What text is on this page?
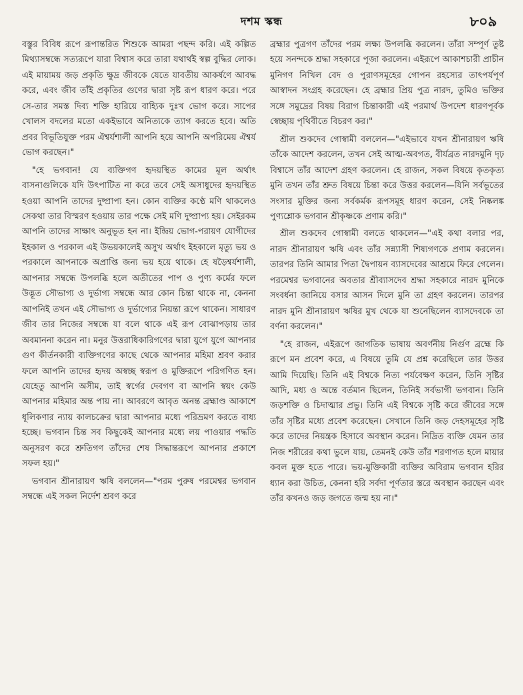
দশম স্কন্ধ	৮০৯

বস্তুর বিবিধ রূপে রূপান্তরিত শিশুকে আমরা পছন্দ করি। এই কল্পিত মিথ্যাসম্বন্ধে সত্যরূপে যারা বিশ্বাস করে তারা যথার্থই স্বল্প বুদ্ধির লোক। এই মায়াময় জড় প্রকৃতি ক্ষুদ্র জীবকে যেতে যাবতীয় আকর্ষণে আবদ্ধ করে, এবং জীব তাঁই প্রকৃতির গুণের দ্বারা সৃষ্ট রূপ ধারণ করে। পরে সে-তার সমস্ত দিব্য শক্তি হারিয়ে বাহ্যিক দুঃখ ভোগ করে। সাপের খোলস বদলের মতো একইভাবে অনিত্যকে ত্যাগ করতে হবে। অতি প্রবর বিভূতিযুক্ত পরম ঐশ্বর্যশালী আপনি হয়ে আপনি অপরিমেয় ঐশ্বর্য ভোগ করছেন।"

"হে ভগবান! যে ব্যক্তিগণ হৃদয়স্থিত কামের মূল অর্থাৎ বাসনাগুলিকে যদি উৎপাটিত না করে তবে সেই অসাধুদের হৃদয়স্থিত হওয়া আপনি তাদের দুষ্প্রাপ্য হন। কোন ব্যক্তির কণ্ঠে মণি থাকলেও সেকথা তার বিস্মরণ হওয়ায় তার পক্ষে সেই মণি দুষ্প্রাপ্য হয়। সেইরকম আপনি তাদের সাক্ষাৎ অনুভূত হন না। ইন্দ্রিয় ভোগ-পরায়ণ যোগীদের ইহকাল ও পরকাল এই উভয়কালেই অসুখ অর্থাৎ ইহকালে মৃত্যু ভয় ও পরকালে আপনাকে অপ্রাপ্তি জন্য ভয় হয়ে থাকে। হে ষড়ৈশ্বর্যশালী, আপনার সম্বন্ধে উপলব্ধি হলে অতীতের পাপ ও পুণ্য কর্মের ফলে উদ্ভূত সৌভাগ্য ও দুর্ভাগ্য সম্বন্ধে আর কোন চিন্তা থাকে না, কেননা আপনিই তখন এই সৌভাগ্য ও দুর্ভাগ্যের নিয়ন্তা রূপে থাকেন। সাধারণ জীব তার নিজের সম্বন্ধে যা বলে থাকে এই রূপ বোঝাপড়ায় তার অবমাননা করেন না। মনুর উত্তরাধিকারিগণের দ্বারা যুগে যুগে আপনার গুণ কীর্তনকারী ব্যক্তিগণের কাছে থেকে আপনার মহিমা শ্রবণ করার ফলে আপনি তাদের হৃদয় অস্বচ্ছ স্বরূপ ও মুক্তিরূপে পরিগণিত হন। যেহেতু আপনি অসীম, তাই স্বর্গের দেবগণ বা আপনি স্বয়ং কেউ আপনার মহিমার অন্ত পায় না। আবরণে আবৃত অনন্ত ব্রহ্মাণ্ড আকাশে ধূলিকণার ন্যায় কালচক্রের দ্বারা আপনার মধ্যে পরিভ্রমণ করতে বাধ্য হচ্ছে। ভগবান চিন্ত সব কিছুকেই আপনার মধ্যে লয় পাওয়ার পদ্ধতি অনুসরণ করে শ্রুতিগণ তাঁদের শেষ সিদ্ধান্তরূপে আপনার প্রকাশে সফল হয়।"

ভগবান শ্রীনারায়ণ ঋষি বললেন—"পরম পুরুষ পরমেশ্বর ভগবান সম্বন্ধে এই সকল নির্দেশ শ্রবণ করে

ব্রহ্মার পুত্রগণ তাঁদের পরম লক্ষ্য উপলব্ধি করলেন। তাঁরা সম্পূর্ণ তুষ্ট হয়ে সনন্দকে শ্রদ্ধা সহকারে পূজা করলেন। এইরূপে আকাশচারী প্রাচীন মুনিগণ নিখিল বেদ ও পুরাণসমূহের গোপন রহস্যের তাৎপর্যপূর্ণ আস্বাদন সংগ্রহ করেছেন। হে ব্রহ্মার প্রিয় পুত্র নারদ, তুমিও ভক্তির সঙ্গে সমুদ্রের বিষয় বিরাগ চিন্তাকারী এই পরমার্থ উপদেশ ধারণপূর্বক স্বেচ্ছায় পৃথিবীতে বিচরণ কর।"

শ্রীল শুকদেব গোস্বামী বললেন—"এইভাবে যখন শ্রীনারায়ণ ঋষি তাঁকে আদেশ করলেন, তখন সেই আত্ম-অবগত, বীর্যব্রত নারদমুনি দৃঢ় বিশ্বাসে তাঁর আদেশ গ্রহণ করলেন। হে রাজন, সকল বিষয়ে কৃতকৃত্য মুনি তখন তাঁর শ্রুত বিষয়ে চিন্তা করে উত্তর করলেন—যিনি সর্বভূতের সংসার মুক্তির জন্য সর্বকর্মক রূপসমূহ ধারণ করেন, সেই নিষ্কলঙ্ক পুণ্যশ্লোক ভগবান শ্রীকৃষ্ণকে প্রণাম করি।"

শ্রীল শুকদেব গোস্বামী বলতে থাকলেন—"এই কথা বলার পর, নারদ শ্রীনারায়ণ ঋষি এবং তাঁর সন্ন্যাসী শিষ্যগণকে প্রণাম করলেন। তারপর তিনি আমার পিতা দ্বৈপায়ন ব্যাসদেবের আশ্রমে ফিরে গেলেন। পরমেশ্বর ভগবানের অবতার শ্রীব্যাসদেব শ্রদ্ধা সহকারে নারদ মুনিকে সংবর্ধনা জানিয়ে বসার আসন দিলে মুনি তা গ্রহণ করলেন। তারপর নারদ মুনি শ্রীনারায়ণ ঋষির মুখ থেকে যা শুনেছিলেন ব্যাসদেবকে তা বর্ণনা করলেন।"

"হে রাজন, এইরূপে জাগতিক ভাষায় অবর্ণনীয় নির্গুণ ব্রহ্মে কি রূপে মন প্রবেশ করে, এ বিষয়ে তুমি যে প্রশ্ন করেছিলে তার উত্তর আমি দিয়েছি। তিনি এই বিশ্বকে নিত্য পর্যবেক্ষণ করেন, তিনি সৃষ্টির আদি, মধ্য ও অন্তে বর্তমান ছিলেন, তিনিই সর্বভাগী ভগবান। তিনি জড়শক্তি ও চিদাত্মার প্রভু। তিনি এই বিশ্বকে সৃষ্টি করে জীবের সঙ্গে তাঁর সৃষ্টির মধ্যে প্রবেশ করেছেন। সেখানে তিনি জড় দেহসমূহের সৃষ্টি করে তাদের নিয়ন্ত্রক হিসাবে অবস্থান করেন। নিদ্রিত ব্যক্তি যেমন তার নিজ শরীরের কথা ভুলে যায়, তেমনই কেউ তাঁর শরণাগত হলে মায়ার কবল মুক্ত হতে পারে। ভয়-মুক্তিকারী ব্যক্তির অবিরাম ভগবান হরির ধ্যান করা উচিত, কেননা হরি সর্বদা পূর্ণতার স্তরে অবস্থান করছেন এবং তাঁর কখনও জড় জগতে জন্ম হয় না।"
